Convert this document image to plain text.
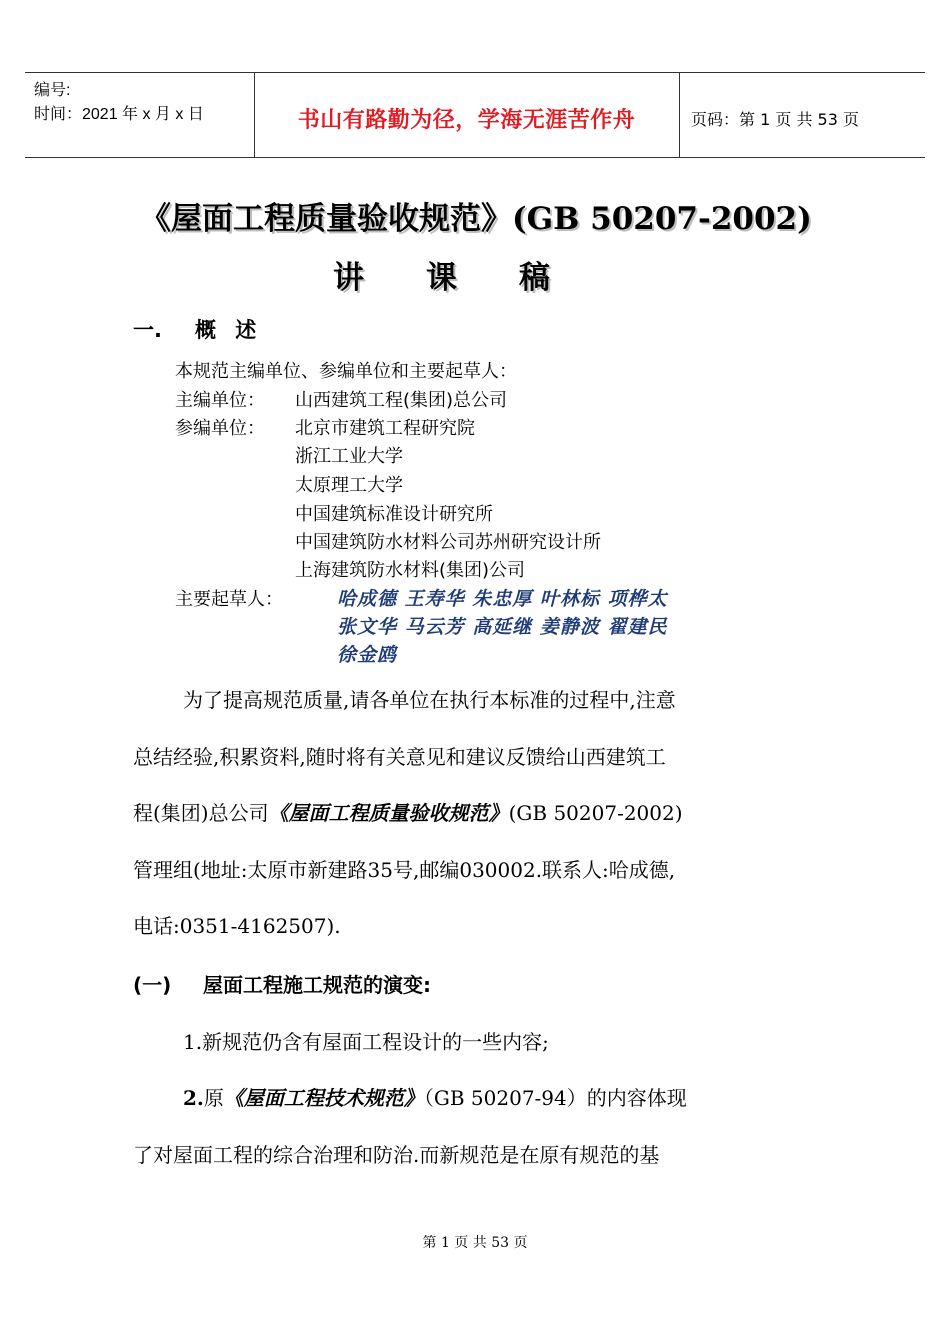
编号:
时间：2021 年 x 月 x 日	书山有路勤为径，学海无涯苦作舟	页码：第 1 页 共 53 页
《屋面工程质量验收规范》(GB 50207-2002)
讲课稿
一. 概 述
本规范主编单位、参编单位和主要起草人：
主编单位： 山西建筑工程(集团)总公司
参编单位： 北京市建筑工程研究院
浙江工业大学
太原理工大学
中国建筑标准设计研究所
中国建筑防水材料公司苏州研究设计所
上海建筑防水材料(集团)公司
主要起草人：	哈成德 王寿华 朱忠厚 叶林标 项桦太
张文华 马云芳 高延继 姜静波 翟建民
徐金鸥
为了提高规范质量,请各单位在执行本标准的过程中,注意
总结经验,积累资料,随时将有关意见和建议反馈给山西建筑工
程(集团)总公司《屋面工程质量验收规范》(GB 50207-2002)
管理组(地址:太原市新建路35号,邮编030002.联系人:哈成德,
电话:0351-4162507).
(一) 屋面工程施工规范的演变:
1.新规范仍含有屋面工程设计的一些内容;
2.原《屋面工程技术规范》（GB 50207-94）的内容体现
了对屋面工程的综合治理和防治.而新规范是在原有规范的基
第 1 页 共 53 页
